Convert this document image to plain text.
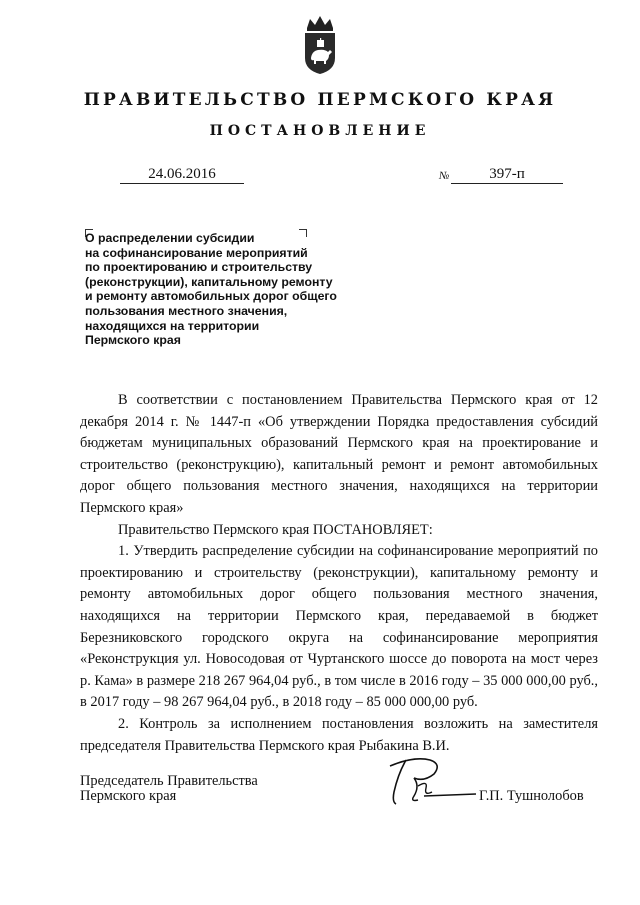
ПРАВИТЕЛЬСТВО ПЕРМСКОГО КРАЯ
ПОСТАНОВЛЕНИЕ
24.06.2016	№	397-п
О распределении субсидии
на софинансирование мероприятий
по проектированию и строительству
(реконструкции), капитальному ремонту
и ремонту автомобильных дорог общего
пользования местного значения,
находящихся на территории
Пермского края

В соответствии с постановлением Правительства Пермского края от 12 декабря 2014 г. № 1447-п «Об утверждении Порядка предоставления субсидий бюджетам муниципальных образований Пермского края на проектирование и строительство (реконструкцию), капитальный ремонт и ремонт автомобильных дорог общего пользования местного значения, находящихся на территории Пермского края»

Правительство Пермского края ПОСТАНОВЛЯЕТ:

1. Утвердить распределение субсидии на софинансирование мероприятий по проектированию и строительству (реконструкции), капитальному ремонту и ремонту автомобильных дорог общего пользования местного значения, находящихся на территории Пермского края, передаваемой в бюджет Березниковского городского округа на софинансирование мероприятия «Реконструкция ул. Новосодовая от Чуртанского шоссе до поворота на мост через р. Кама» в размере 218 267 964,04 руб., в том числе в 2016 году – 35 000 000,00 руб., в 2017 году – 98 267 964,04 руб., в 2018 году – 85 000 000,00 руб.

2. Контроль за исполнением постановления возложить на заместителя председателя Правительства Пермского края Рыбакина В.И.

Председатель Правительства
Пермского края	Г.П. Тушнолобов
